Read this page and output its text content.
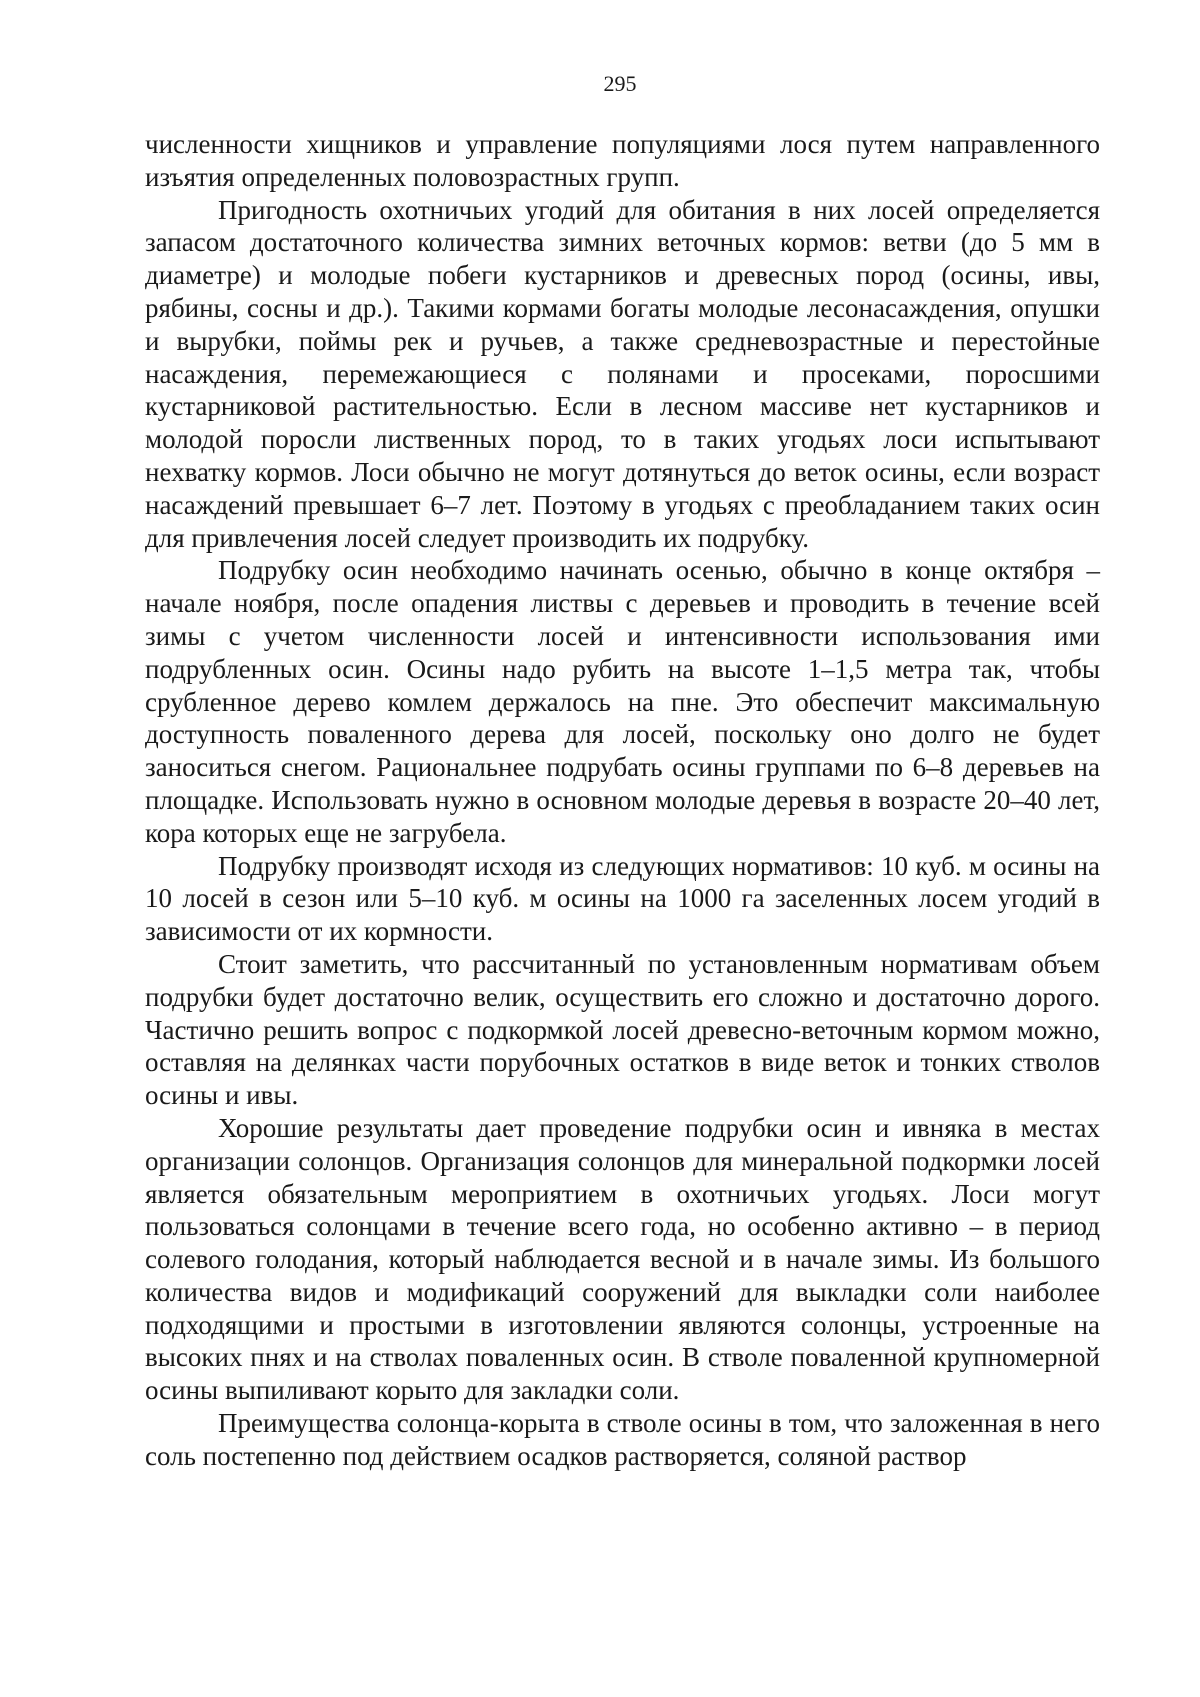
295

численности хищников и управление популяциями лося путем направленного изъятия определенных половозрастных групп.

Пригодность охотничьих угодий для обитания в них лосей определяется запасом достаточного количества зимних веточных кормов: ветви (до 5 мм в диаметре) и молодые побеги кустарников и древесных пород (осины, ивы, рябины, сосны и др.). Такими кормами богаты молодые лесонасаждения, опушки и вырубки, поймы рек и ручьев, а также средневозрастные и перестойные насаждения, перемежающиеся с полянами и просеками, поросшими кустарниковой растительностью. Если в лесном массиве нет кустарников и молодой поросли лиственных пород, то в таких угодьях лоси испытывают нехватку кормов. Лоси обычно не могут дотянуться до веток осины, если возраст насаждений превышает 6–7 лет. Поэтому в угодьях с преобладанием таких осин для привлечения лосей следует производить их подрубку.

Подрубку осин необходимо начинать осенью, обычно в конце октября – начале ноября, после опадения листвы с деревьев и проводить в течение всей зимы с учетом численности лосей и интенсивности использования ими подрубленных осин. Осины надо рубить на высоте 1–1,5 метра так, чтобы срубленное дерево комлем держалось на пне. Это обеспечит максимальную доступность поваленного дерева для лосей, поскольку оно долго не будет заноситься снегом. Рациональнее подрубать осины группами по 6–8 деревьев на площадке. Использовать нужно в основном молодые деревья в возрасте 20–40 лет, кора которых еще не загрубела.

Подрубку производят исходя из следующих нормативов: 10 куб. м осины на 10 лосей в сезон или 5–10 куб. м осины на 1000 га заселенных лосем угодий в зависимости от их кормности.

Стоит заметить, что рассчитанный по установленным нормативам объем подрубки будет достаточно велик, осуществить его сложно и достаточно дорого. Частично решить вопрос с подкормкой лосей древесно-веточным кормом можно, оставляя на делянках части порубочных остатков в виде веток и тонких стволов осины и ивы.

Хорошие результаты дает проведение подрубки осин и ивняка в местах организации солонцов. Организация солонцов для минеральной подкормки лосей является обязательным мероприятием в охотничьих угодьях. Лоси могут пользоваться солонцами в течение всего года, но особенно активно – в период солевого голодания, который наблюдается весной и в начале зимы. Из большого количества видов и модификаций сооружений для выкладки соли наиболее подходящими и простыми в изготовлении являются солонцы, устроенные на высоких пнях и на стволах поваленных осин. В стволе поваленной крупномерной осины выпиливают корыто для закладки соли.

Преимущества солонца-корыта в стволе осины в том, что заложенная в него соль постепенно под действием осадков растворяется, соляной раствор
